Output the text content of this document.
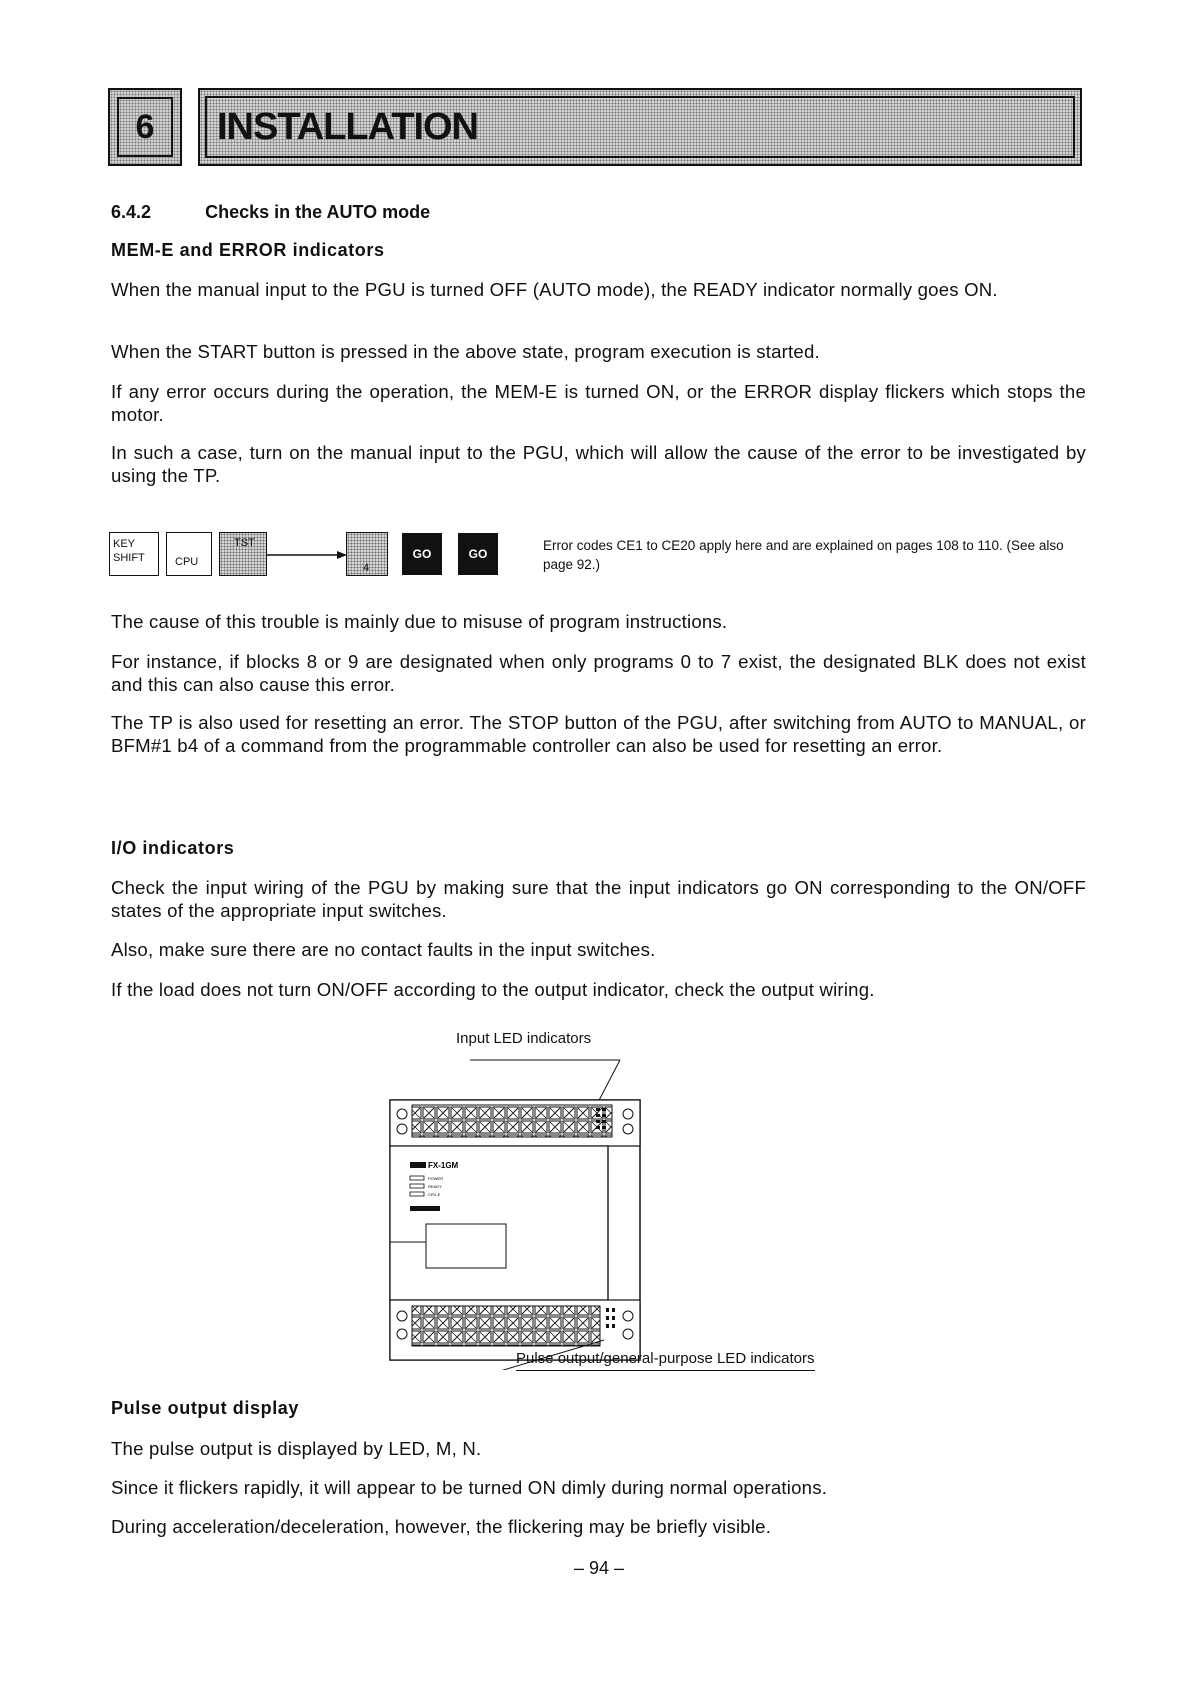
6	INSTALLATION
6.4.2	Checks in the AUTO mode
MEM-E and ERROR indicators

When the manual input to the PGU is turned OFF (AUTO mode), the READY indicator normally goes ON.

When the START button is pressed in the above state, program execution is started.

If any error occurs during the operation, the MEM-E is turned ON, or the ERROR display flickers which stops the motor.

In such a case, turn on the manual input to the PGU, which will allow the cause of the error to be investigated by using the TP.

KEY
SHIFT	CPU
TST
4
GO	GO
Error codes CE1 to CE20 apply here and are explained on pages 108 to 110. (See also page 92.)

The cause of this trouble is mainly due to misuse of program instructions.

For instance, if blocks 8 or 9 are designated when only programs 0 to 7 exist, the designated BLK does not exist and this can also cause this error.

The TP is also used for resetting an error. The STOP button of the PGU, after switching from AUTO to MANUAL, or BFM#1 b4 of a command from the programmable controller can also be used for resetting an error.

I/O indicators

Check the input wiring of the PGU by making sure that the input indicators go ON corresponding to the ON/OFF states of the appropriate input switches.

Also, make sure there are no contact faults in the input switches.

If the load does not turn ON/OFF according to the output indicator, check the output wiring.

Input LED indicators
FX-1GM
POWER
READY
CPU-E
Pulse output/general-purpose LED indicators
Pulse output display

The pulse output is displayed by LED, M, N.

Since it flickers rapidly, it will appear to be turned ON dimly during normal operations.

During acceleration/deceleration, however, the flickering may be briefly visible.

– 94 –
